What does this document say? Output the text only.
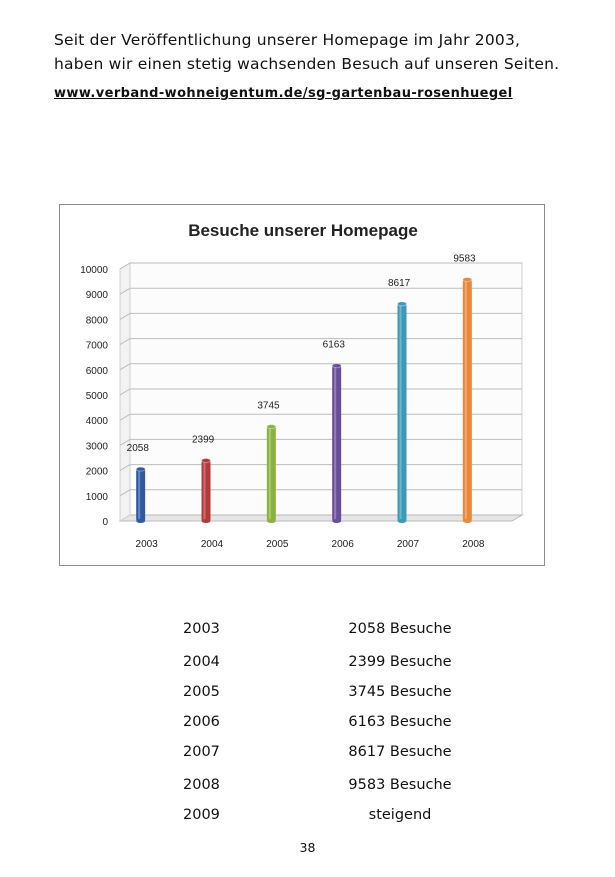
Seit der Veröffentlichung unserer Homepage im Jahr 2003,

haben wir einen stetig wachsenden Besuch auf unseren Seiten.

www.verband-wohneigentum.de/sg-gartenbau-rosenhuegel

Besuche unserer Homepage
0
1000
2000
3000
4000
5000
6000
7000
8000
9000
10000
2058
2003
2399
2004
3745
2005
6163
2006
8617
2007
9583
2008
2003	2058 Besuche
2004	2399 Besuche
2005	3745 Besuche
2006	6163 Besuche
2007	8617 Besuche
2008	9583 Besuche
2009	steigend
38
